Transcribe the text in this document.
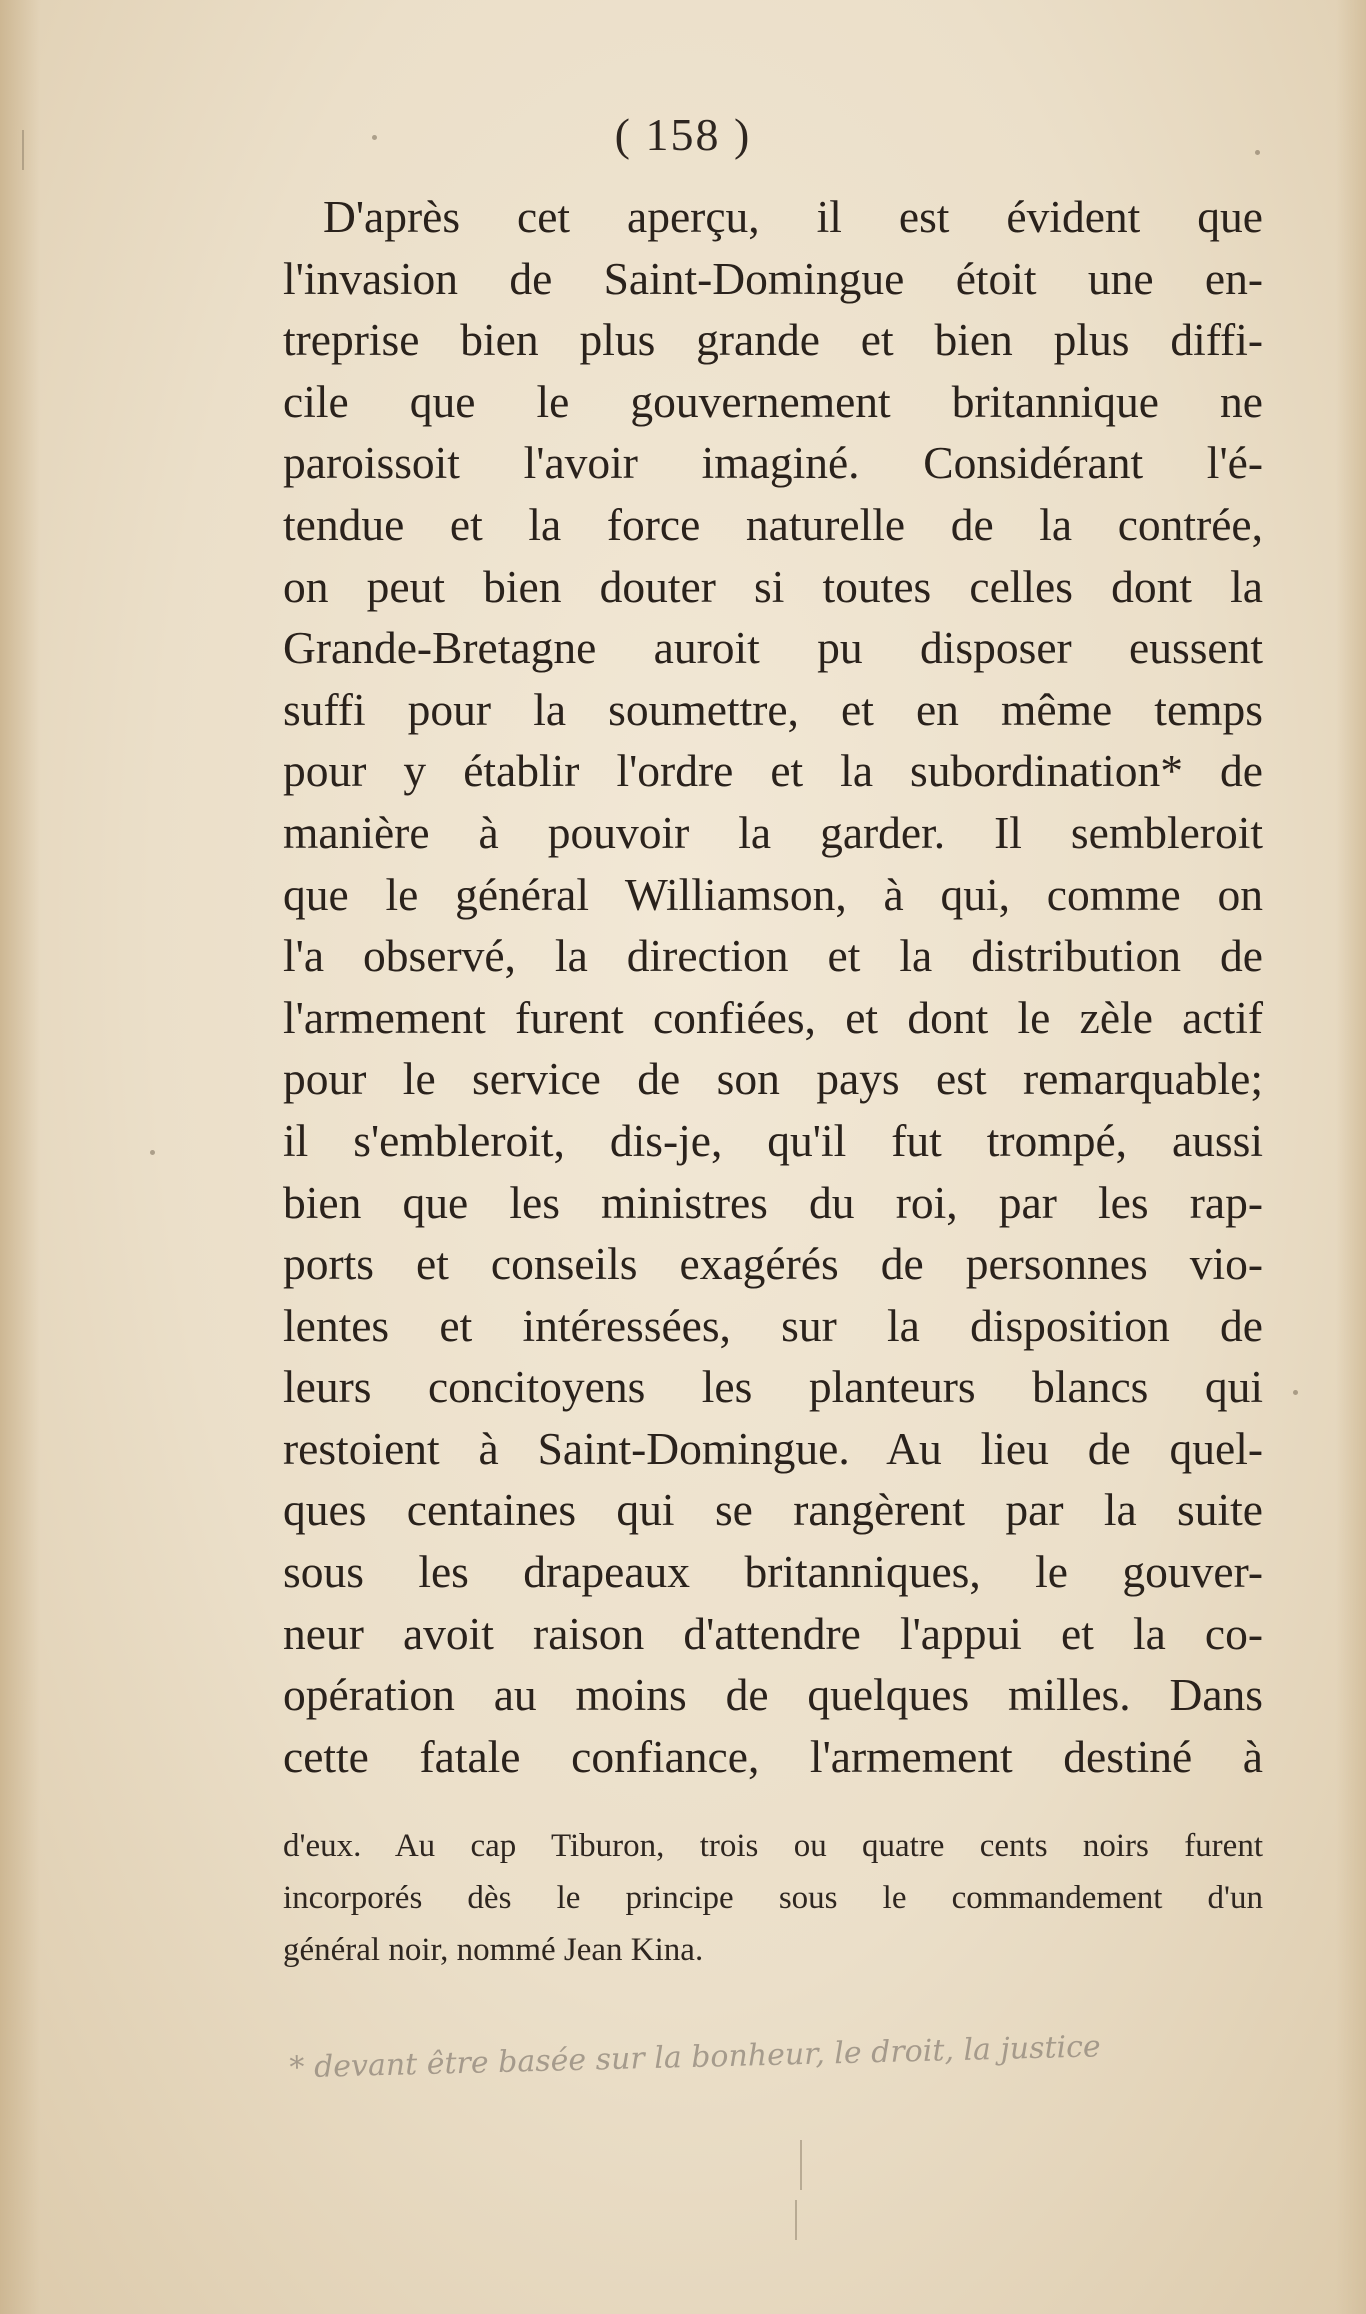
( 158 )
D'après cet aperçu, il est évident que
l'invasion de Saint-Domingue étoit une en-
treprise bien plus grande et bien plus diffi-
cile que le gouvernement britannique ne
paroissoit l'avoir imaginé. Considérant l'é-
tendue et la force naturelle de la contrée,
on peut bien douter si toutes celles dont la
Grande-Bretagne auroit pu disposer eussent
suffi pour la soumettre, et en même temps
pour y établir l'ordre et la subordination* de
manière à pouvoir la garder. Il sembleroit
que le général Williamson, à qui, comme on
l'a observé, la direction et la distribution de
l'armement furent confiées, et dont le zèle actif
pour le service de son pays est remarquable;
il s'embleroit, dis-je, qu'il fut trompé, aussi
bien que les ministres du roi, par les rap-
ports et conseils exagérés de personnes vio-
lentes et intéressées, sur la disposition de
leurs concitoyens les planteurs blancs qui
restoient à Saint-Domingue. Au lieu de quel-
ques centaines qui se rangèrent par la suite
sous les drapeaux britanniques, le gouver-
neur avoit raison d'attendre l'appui et la co-
opération au moins de quelques milles. Dans
cette fatale confiance, l'armement destiné à
d'eux. Au cap Tiburon, trois ou quatre cents noirs furent
incorporés dès le principe sous le commandement d'un
général noir, nommé Jean Kina.
* devant être basée sur la bonheur, le droit, la justice
